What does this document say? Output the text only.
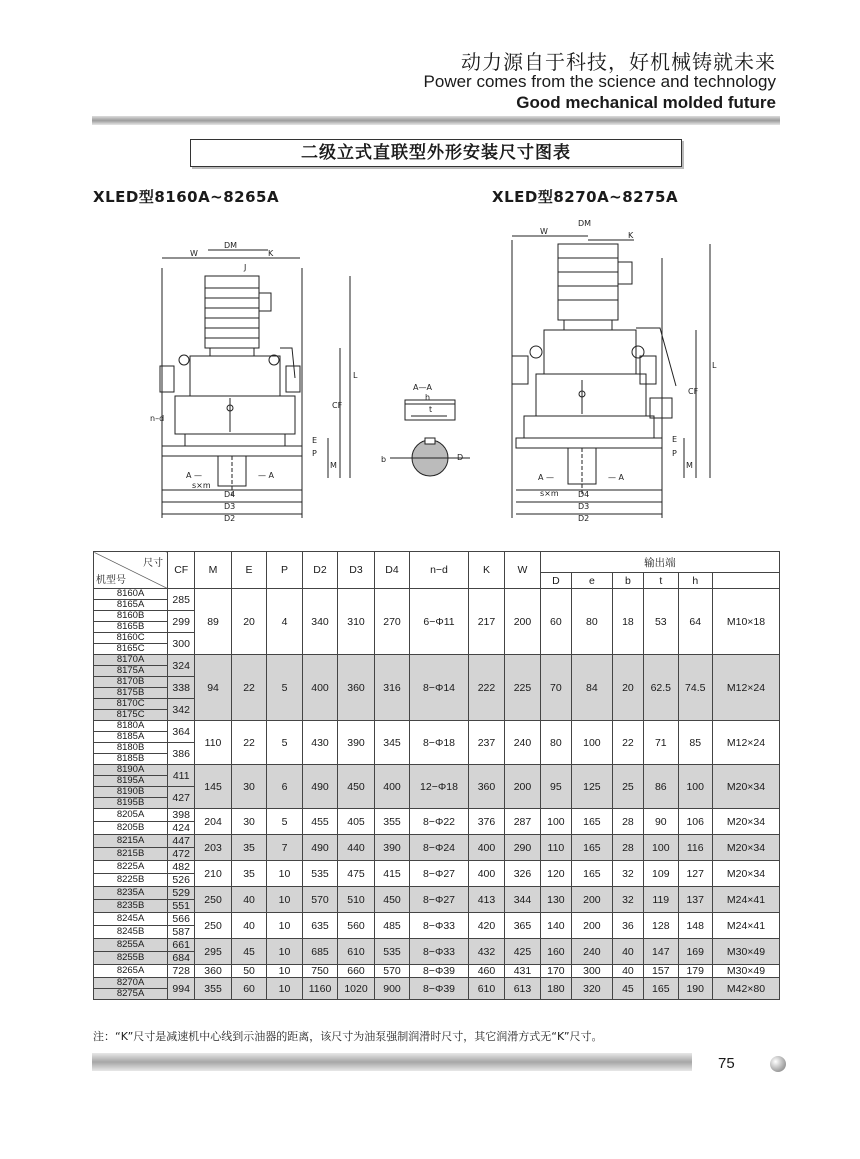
动力源自于科技，好机械铸就未来
Power comes from the science and technology
Good mechanical molded future
二级立式直联型外形安装尺寸图表
XLED型8160A~8265A	XLED型8270A~8275A
W
DM
J
K
L
CF
n–d
P
E
M
A —	— A
s×m
D4
D3
D2
A—A
h
t
b	D
W
DM
K
L
CF
P
E
M
A —	— A
s×m D4
D3
D2
尺寸
机型号	CF	M	E	P	D2	D3	D4	n−d	K	W	输出端					
											D	e	b	t	h	

8160A
8165A	285	89	20	4	340	310	270	6−Φ11	217	200	60	80	18	53	64	M10×18

8160B
8165B	299															

8160C
8165C	300															

8170A
8175A	324	94	22	5	400	360	316	8−Φ14	222	225	70	84	20	62.5	74.5	M12×24

8170B
8175B	338															

8170C
8175C	342															

8180A
8185A	364	110	22	5	430	390	345	8−Φ18	237	240	80	100	22	71	85	M12×24

8180B
8185B	386															

8190A
8195A	411	145	30	6	490	450	400	12−Φ18	360	200	95	125	25	86	100	M20×34

8190B
8195B	427															

8205A	398	204	30	5	455	405	355	8−Φ22	376	287	100	165	28	90	106	M20×34

8205B	424															

8215A	447	203	35	7	490	440	390	8−Φ24	400	290	110	165	28	100	116	M20×34

8215B	472															

8225A	482	210	35	10	535	475	415	8−Φ27	400	326	120	165	32	109	127	M20×34

8225B	526															

8235A	529	250	40	10	570	510	450	8−Φ27	413	344	130	200	32	119	137	M24×41

8235B	551															

8245A	566	250	40	10	635	560	485	8−Φ33	420	365	140	200	36	128	148	M24×41

8245B	587															

8255A	661	295	45	10	685	610	535	8−Φ33	432	425	160	240	40	147	169	M30×49

8255B	684															

8265A	728	360	50	10	750	660	570	8−Φ39	460	431	170	300	40	157	179	M30×49

8270A
8275A	994	355	60	10	1160	1020	900	8−Φ39	610	613	180	320	45	165	190	M42×80
注：“K”尺寸是减速机中心线到示油器的距离，该尺寸为油泵强制润滑时尺寸，其它润滑方式无“K”尺寸。
75
